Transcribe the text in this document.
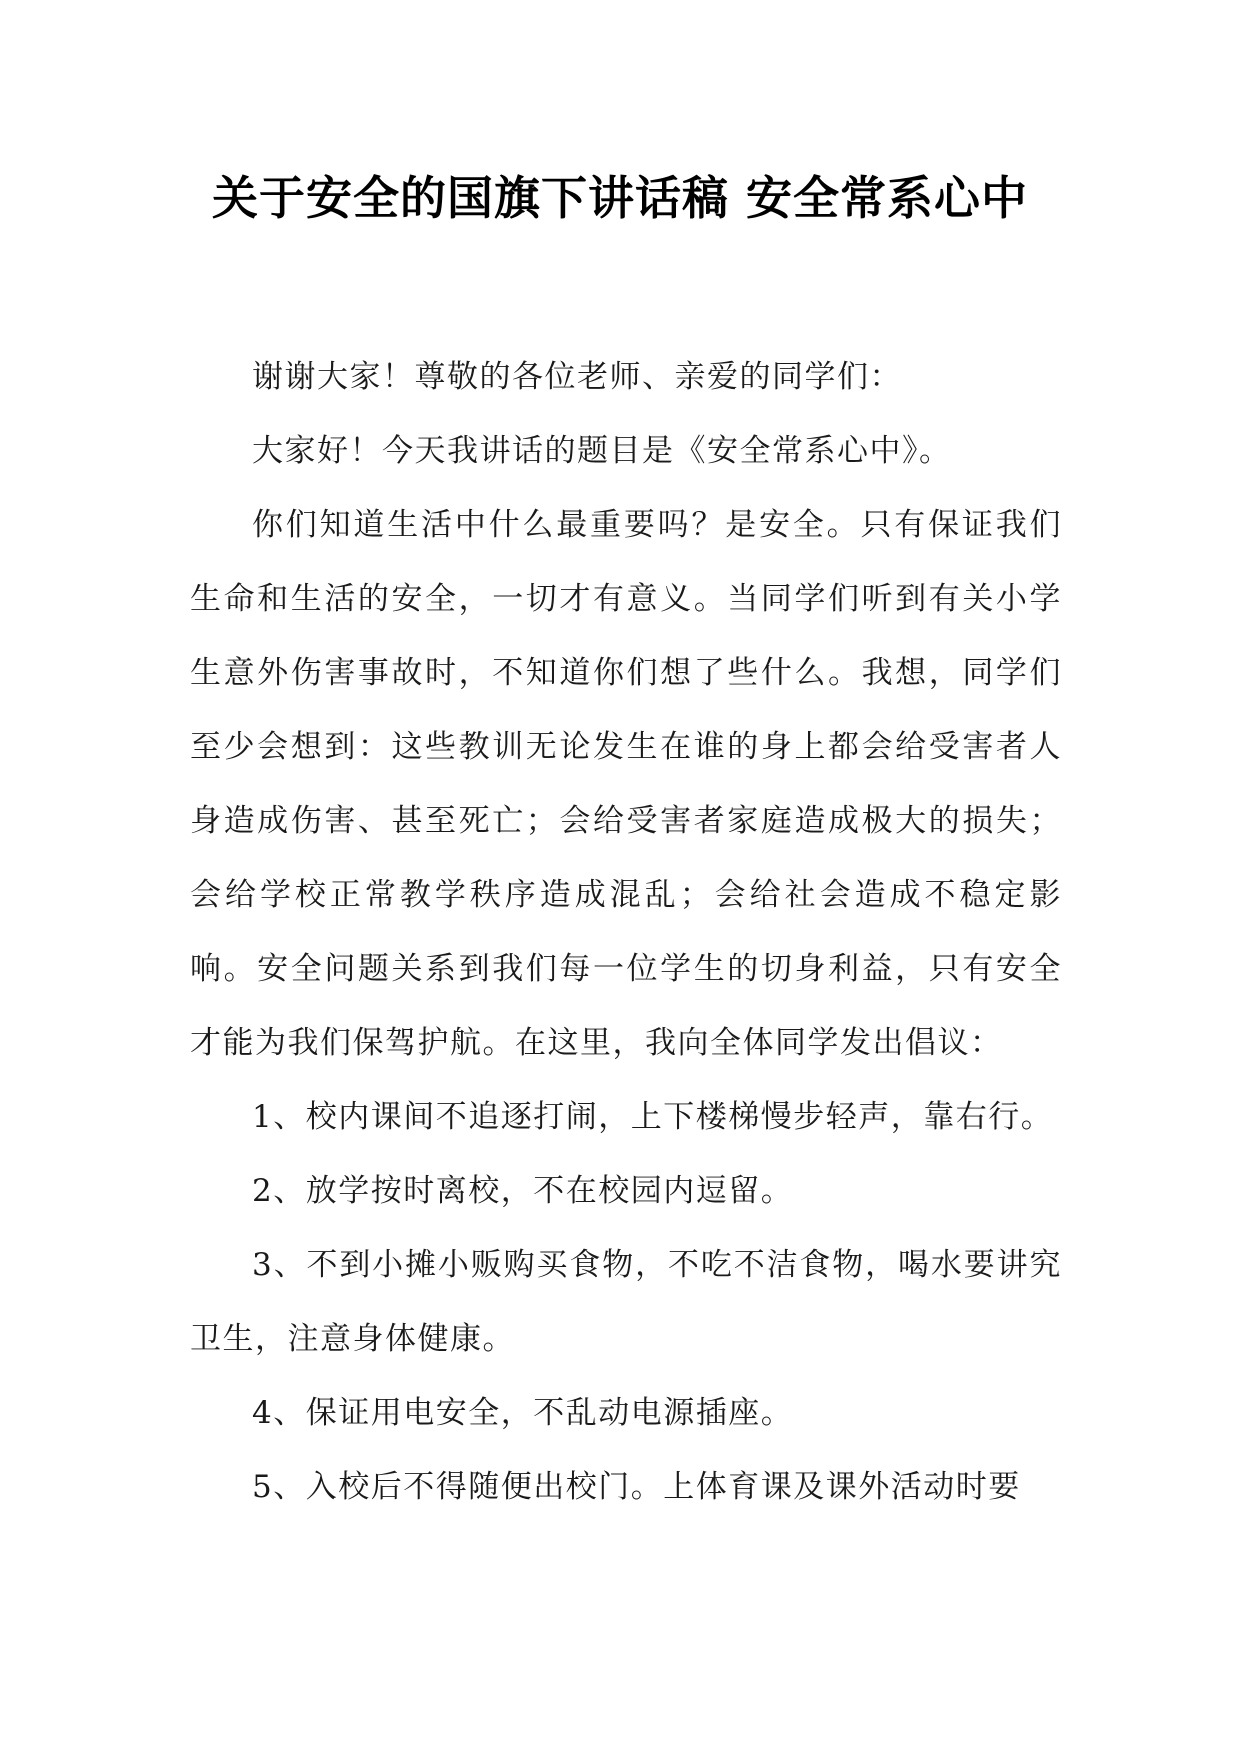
关于安全的国旗下讲话稿 安全常系心中

谢谢大家！尊敬的各位老师、亲爱的同学们：

大家好！今天我讲话的题目是《安全常系心中》。

你们知道生活中什么最重要吗？是安全。只有保证我们生命和生活的安全，一切才有意义。当同学们听到有关小学生意外伤害事故时，不知道你们想了些什么。我想，同学们至少会想到：这些教训无论发生在谁的身上都会给受害者人身造成伤害、甚至死亡；会给受害者家庭造成极大的损失；会给学校正常教学秩序造成混乱；会给社会造成不稳定影响。安全问题关系到我们每一位学生的切身利益，只有安全才能为我们保驾护航。在这里，我向全体同学发出倡议：

1、校内课间不追逐打闹，上下楼梯慢步轻声，靠右行。

2、放学按时离校，不在校园内逗留。

3、不到小摊小贩购买食物，不吃不洁食物，喝水要讲究卫生，注意身体健康。

4、保证用电安全，不乱动电源插座。

5、入校后不得随便出校门。上体育课及课外活动时要
